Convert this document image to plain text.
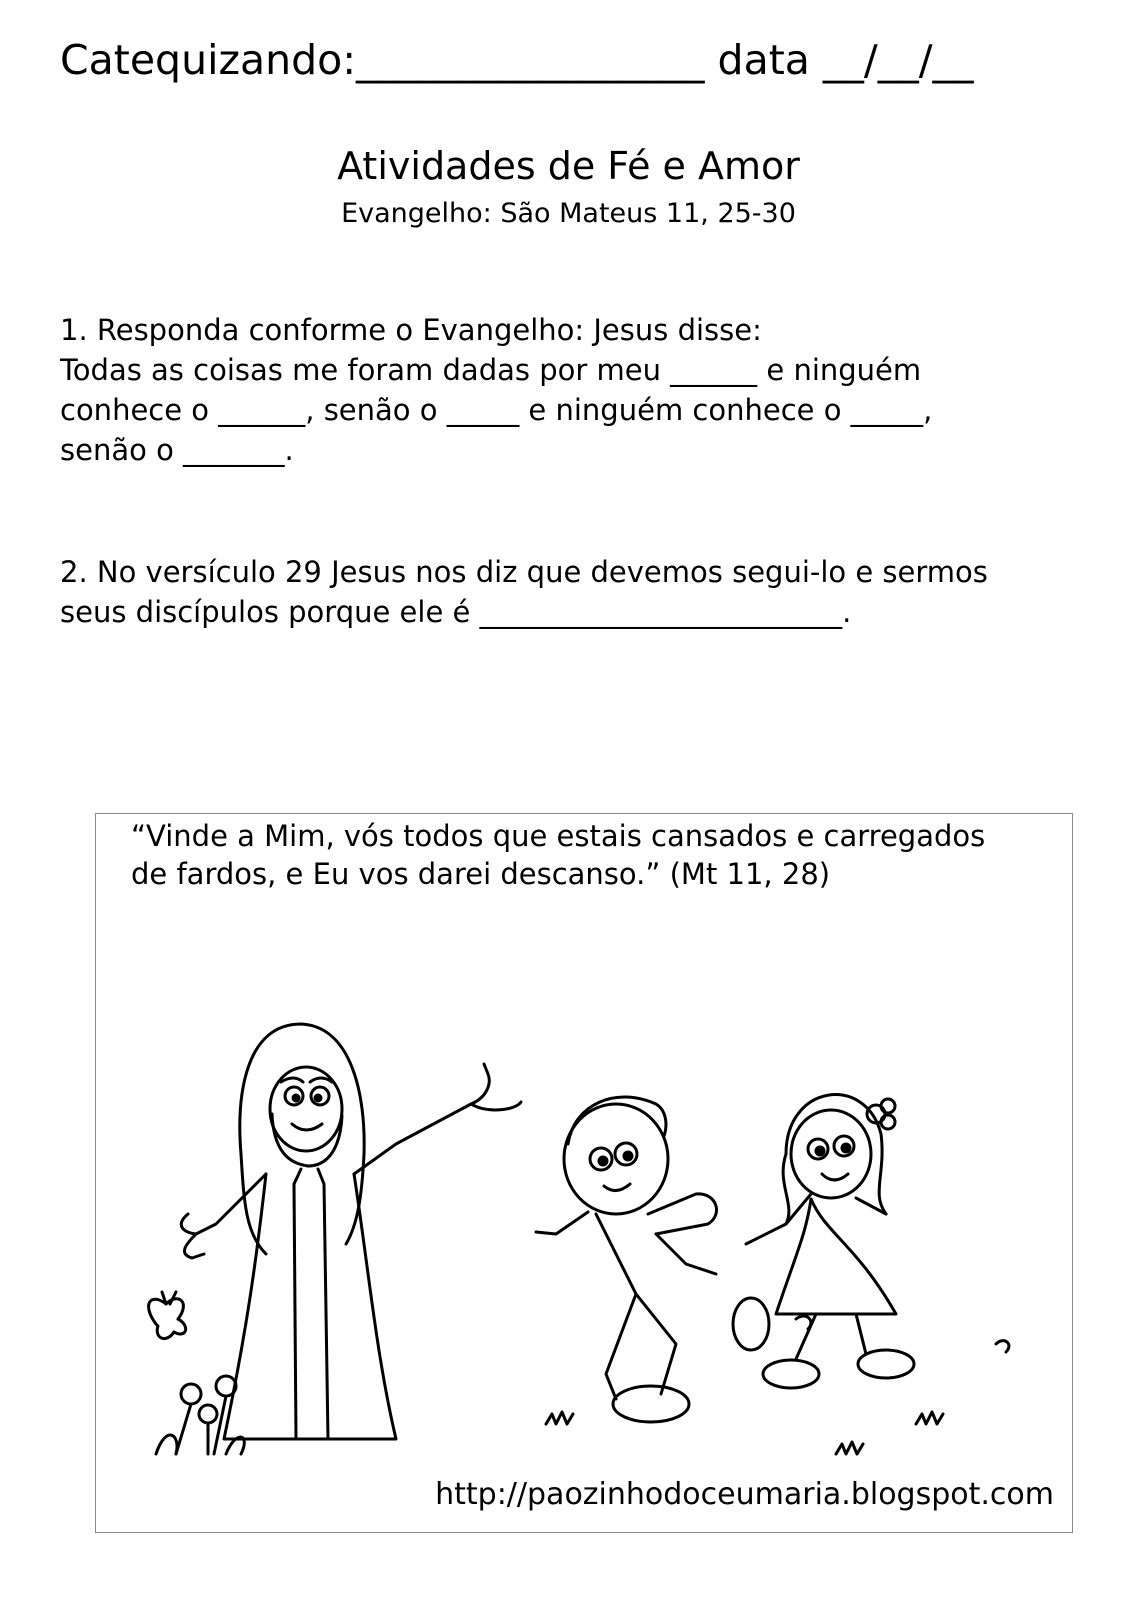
Catequizando:_________________ data __/__/__
Atividades de Fé e Amor
Evangelho: São Mateus 11, 25-30
1. Responda conforme o Evangelho: Jesus disse:
Todas as coisas me foram dadas por meu ______ e ninguém
conhece o ______, senão o _____ e ninguém conhece o _____,
senão o _______.
2. No versículo 29 Jesus nos diz que devemos segui-lo e sermos
seus discípulos porque ele é _________________________.
“Vinde a Mim, vós todos que estais cansados e carregados
de fardos, e Eu vos darei descanso.” (Mt 11, 28)
http://paozinhodoceumaria.blogspot.com
